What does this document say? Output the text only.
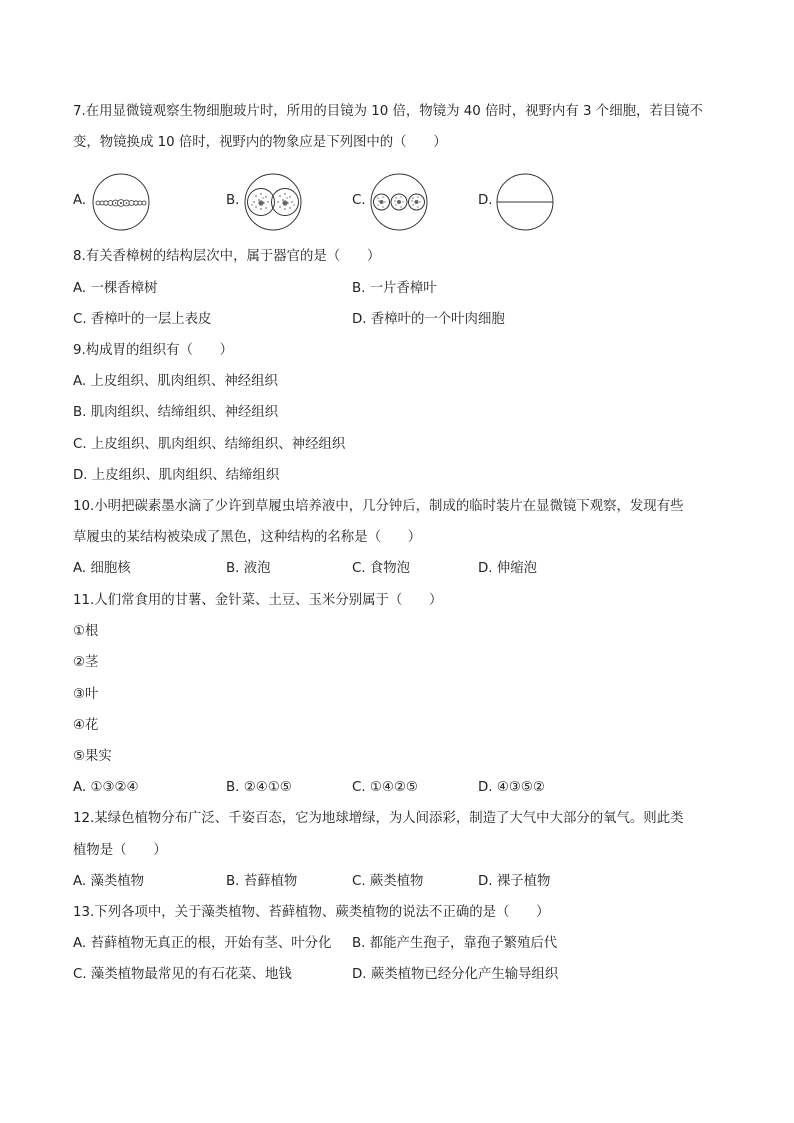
7.在用显微镜观察生物细胞玻片时，所用的目镜为 10 倍，物镜为 40 倍时，视野内有 3 个细胞，若目镜不
变，物镜换成 10 倍时，视野内的物象应是下列图中的（　　）
A.	B.	C.	D.
8.有关香樟树的结构层次中，属于器官的是（　　）
A. 一棵香樟树	B. 一片香樟叶
C. 香樟叶的一层上表皮	D. 香樟叶的一个叶肉细胞
9.构成胃的组织有（　　）
A. 上皮组织、肌肉组织、神经组织
B. 肌肉组织、结缔组织、神经组织
C. 上皮组织、肌肉组织、结缔组织、神经组织
D. 上皮组织、肌肉组织、结缔组织
10.小明把碳素墨水滴了少许到草履虫培养液中，几分钟后，制成的临时装片在显微镜下观察，发现有些
草履虫的某结构被染成了黑色，这种结构的名称是（　　）
A. 细胞核	B. 液泡	C. 食物泡	D. 伸缩泡
11.人们常食用的甘薯、金针菜、土豆、玉米分别属于（　　）
①根
②茎
③叶
④花
⑤果实
A. ①③②④	B. ②④①⑤	C. ①④②⑤	D. ④③⑤②
12.某绿色植物分布广泛、千姿百态，它为地球增绿，为人间添彩，制造了大气中大部分的氧气。则此类
植物是（　　）
A. 藻类植物	B. 苔藓植物	C. 蕨类植物	D. 裸子植物
13.下列各项中，关于藻类植物、苔藓植物、蕨类植物的说法不正确的是（　　）
A. 苔藓植物无真正的根，开始有茎、叶分化 B. 都能产生孢子，靠孢子繁殖后代
C. 藻类植物最常见的有石花菜、地钱	D. 蕨类植物已经分化产生输导组织
